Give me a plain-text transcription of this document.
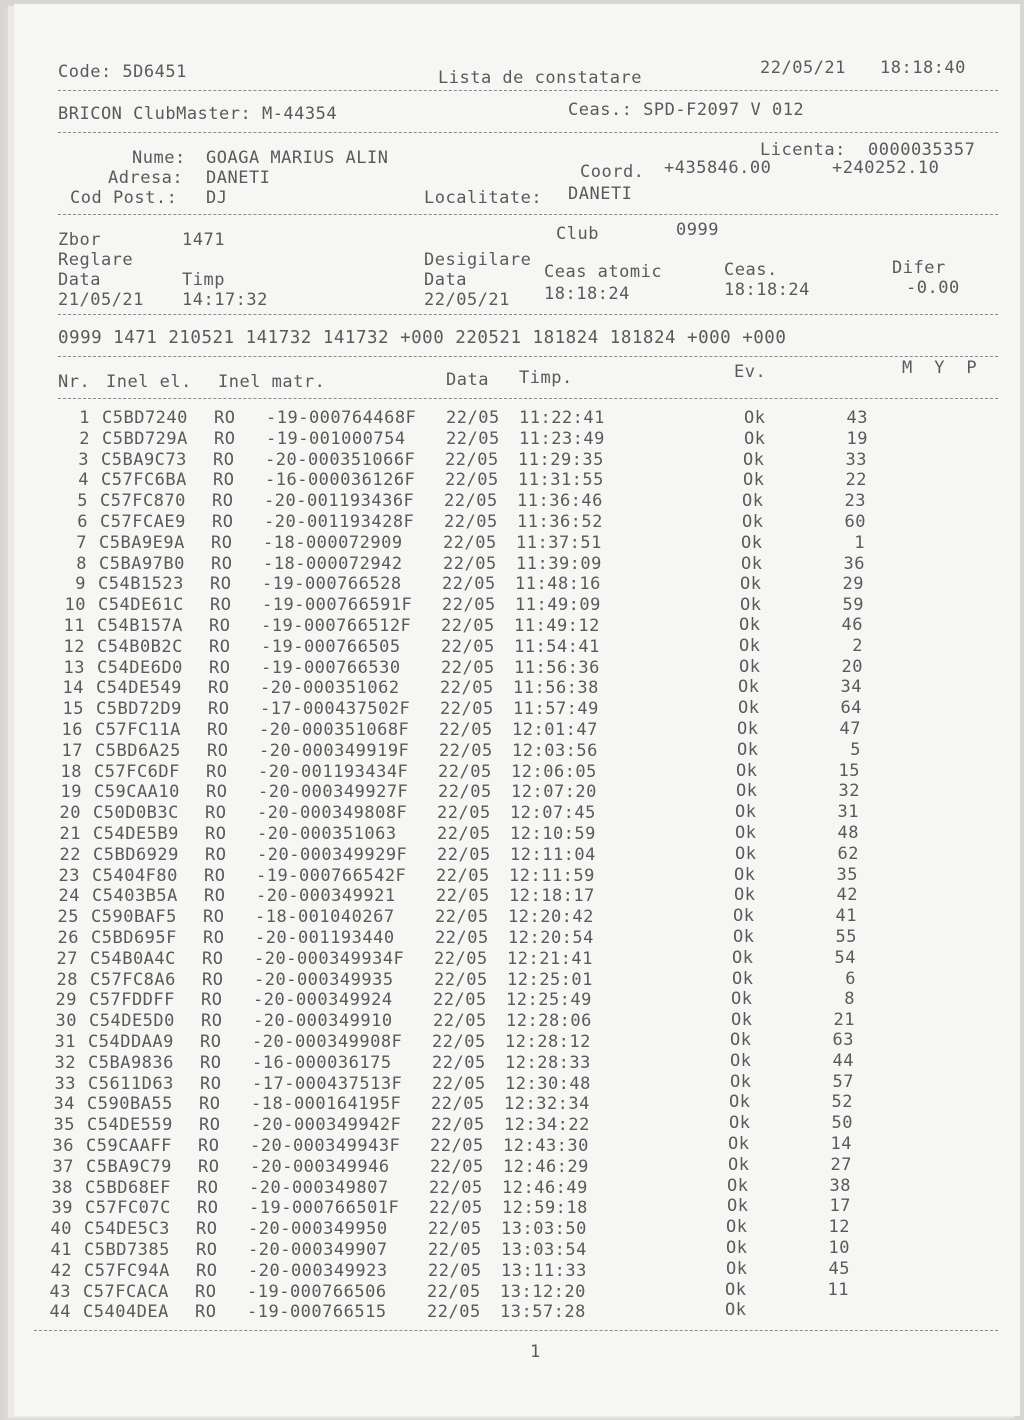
Code: 5D6451	Lista de constatare	22/05/21 18:18:40
BRICON ClubMaster: M-44354	Ceas.: SPD-F2097 V 012
Nume: GOAGA MARIUS ALIN	Licenta: 0000035357
Adresa: DANETI	Coord. +435846.00	+240252.10
Cod Post.: DJ	Localitate: DANETI
Zbor	1471	Club	0999
Reglare	Desigilare
Data	Timp	Data	Ceas atomic	Ceas.	Difer
21/05/21 14:17:32	22/05/21 18:18:24	18:18:24	-0.00
0999 1471 210521 141732 141732 +000 220521 181824 181824 +000 +000
Nr. Inel el. Inel matr.	Data Timp.	Ev.	M  Y  P
1 C5BD7240 RO -19-000764468F 22/05 11:22:41	Ok	43
2 C5BD729A RO -19-001000754 22/05 11:23:49	Ok	19
3 C5BA9C73 RO -20-000351066F 22/05 11:29:35	Ok	33
4 C57FC6BA RO -16-000036126F 22/05 11:31:55	Ok	22
5 C57FC870 RO -20-001193436F 22/05 11:36:46	Ok	23
6 C57FCAE9 RO -20-001193428F 22/05 11:36:52	Ok	60
7 C5BA9E9A RO -18-000072909 22/05 11:37:51	Ok	1
8 C5BA97B0 RO -18-000072942 22/05 11:39:09	Ok	36
9 C54B1523 RO -19-000766528 22/05 11:48:16	Ok	29
10 C54DE61C RO -19-000766591F 22/05 11:49:09	Ok	59
11 C54B157A RO -19-000766512F 22/05 11:49:12	Ok	46
12 C54B0B2C RO -19-000766505 22/05 11:54:41	Ok	2
13 C54DE6D0 RO -19-000766530 22/05 11:56:36	Ok	20
14 C54DE549 RO -20-000351062 22/05 11:56:38	Ok	34
15 C5BD72D9 RO -17-000437502F 22/05 11:57:49	Ok	64
16 C57FC11A RO -20-000351068F 22/05 12:01:47	Ok	47
17 C5BD6A25 RO -20-000349919F 22/05 12:03:56	Ok	5
18 C57FC6DF RO -20-001193434F 22/05 12:06:05	Ok	15
19 C59CAA10 RO -20-000349927F 22/05 12:07:20	Ok	32
20 C50D0B3C RO -20-000349808F 22/05 12:07:45	Ok	31
21 C54DE5B9 RO -20-000351063 22/05 12:10:59	Ok	48
22 C5BD6929 RO -20-000349929F 22/05 12:11:04	Ok	62
23 C5404F80 RO -19-000766542F 22/05 12:11:59	Ok	35
24 C5403B5A RO -20-000349921 22/05 12:18:17	Ok	42
25 C590BAF5 RO -18-001040267 22/05 12:20:42	Ok	41
26 C5BD695F RO -20-001193440 22/05 12:20:54	Ok	55
27 C54B0A4C RO -20-000349934F 22/05 12:21:41	Ok	54
28 C57FC8A6 RO -20-000349935 22/05 12:25:01	Ok	6
29 C57FDDFF RO -20-000349924 22/05 12:25:49	Ok	8
30 C54DE5D0 RO -20-000349910 22/05 12:28:06	Ok	21
31 C54DDAA9 RO -20-000349908F 22/05 12:28:12	Ok	63
32 C5BA9836 RO -16-000036175 22/05 12:28:33	Ok	44
33 C5611D63 RO -17-000437513F 22/05 12:30:48	Ok	57
34 C590BA55 RO -18-000164195F 22/05 12:32:34	Ok	52
35 C54DE559 RO -20-000349942F 22/05 12:34:22	Ok	50
36 C59CAAFF RO -20-000349943F 22/05 12:43:30	Ok	14
37 C5BA9C79 RO -20-000349946 22/05 12:46:29	Ok	27
38 C5BD68EF RO -20-000349807 22/05 12:46:49	Ok	38
39 C57FC07C RO -19-000766501F 22/05 12:59:18	Ok	17
40 C54DE5C3 RO -20-000349950 22/05 13:03:50	Ok	12
41 C5BD7385 RO -20-000349907 22/05 13:03:54	Ok	10
42 C57FC94A RO -20-000349923 22/05 13:11:33	Ok	45
43 C57FCACA RO -19-000766506 22/05 13:12:20	Ok	11
44 C5404DEA RO -19-000766515 22/05 13:57:28	Ok
1
